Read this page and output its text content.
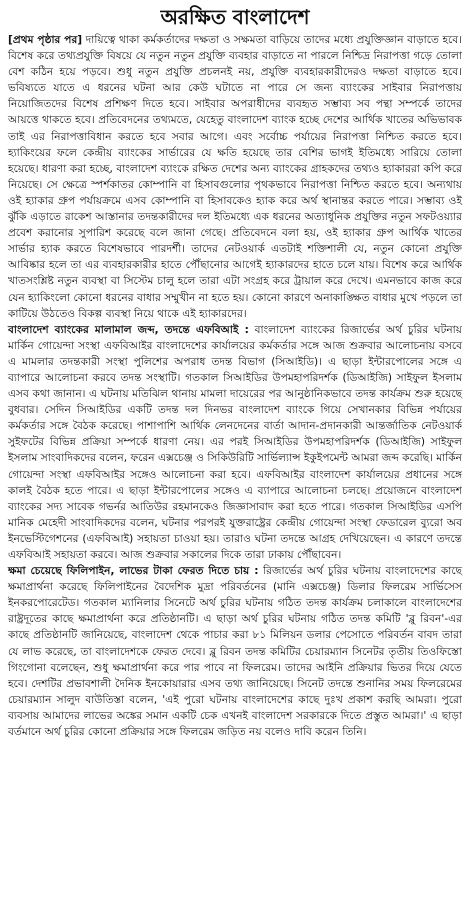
অরক্ষিত বাংলাদেশ

[প্রথম পৃষ্ঠার পর] দায়িত্বে থাকা কর্মকর্তাদের দক্ষতা ও সক্ষমতা বাড়িয়ে তাদের মধ্যে প্রযুক্তিজ্ঞান বাড়াতে হবে। বিশেষ করে তথ্যপ্রযুক্তি বিষয়ে যে নতুন নতুন প্রযুক্তি ব্যবহার বাড়াতে না পারলে নিশ্চিদ্র নিরাপত্তা গড়ে তোলা বেশ কঠিন হয়ে পড়বে। শুধু নতুন প্রযুক্তি প্রচলনই নয়, প্রযুক্তি ব্যবহারকারীদেরও দক্ষতা বাড়াতে হবে। ভবিষ্যতে যাতে এ ধরনের ঘটনা আর কেউ ঘটাতে না পারে সে জন্য ব্যাংকের সাইবার নিরাপত্তায় নিয়োজিতদের বিশেষ প্রশিক্ষণ দিতে হবে। সাইবার অপরাধীদের ব্যবহৃত সম্ভাব্য সব পন্থা সম্পর্কে তাদের আয়ত্তে থাকতে হবে। প্রতিবেদনের তথ্যমতে, যেহেতু বাংলাদেশ ব্যাংক হচ্ছে দেশের আর্থিক খাতের অভিভাবক তাই এর নিরাপত্তাবিধান করতে হবে সবার আগে। এবং সর্বোচ্চ পর্যায়ের নিরাপত্তা নিশ্চিত করতে হবে। হ্যাকিংয়ের ফলে কেন্দ্রীয় ব্যাংকের সার্ভারের যে ক্ষতি হয়েছে তার বেশির ভাগই ইতিমধ্যে সারিয়ে তোলা হয়েছে। ধারণা করা হচ্ছে, বাংলাদেশ ব্যাংকে রক্ষিত দেশের অন্য ব্যাংকের গ্রাহকদের তথ্যও হ্যাকাররা কপি করে নিয়েছে। সে ক্ষেত্রে স্পর্শকাতর কোম্পানি বা হিসাবগুলোর পৃথকভাবে নিরাপত্তা নিশ্চিত করতে হবে। অন্যথায় ওই হ্যাকার গ্রুপ পর্যায়ক্রমে এসব কোম্পানি বা হিসাবকেও হ্যাক করে অর্থ স্থানান্তর করতে পারে। সম্ভাব্য ওই ঝুঁকি এড়াতে রাকেশ আস্তানার তদন্তকারীদের দল ইতিমধ্যে এক ধরনের অত্যাধুনিক প্রযুক্তির নতুন সফটওয়্যার প্রবেশ করানোর সুপারিশ করেছে বলে জানা গেছে। প্রতিবেদনে বলা হয়, ওই হ্যাকার গ্রুপ আর্থিক খাতের সার্ভার হ্যাক করতে বিশেষভাবে পারদর্শী। তাদের নেটওয়ার্ক এতটাই শক্তিশালী যে, নতুন কোনো প্রযুক্তি আবিষ্কার হলে তা এর ব্যবহারকারীর হাতে পৌঁছানোর আগেই হ্যাকারদের হাতে চলে যায়। বিশেষ করে আর্থিক খাতসংশ্লিষ্ট নতুন ব্যবস্থা বা সিস্টেম চালু হলে তারা এটা সংগ্রহ করে ট্রায়াল করে দেখে। এমনভাবে কাজ করে যেন হ্যাকিংলো কোনো ধরনের বাধার সম্মুখীন না হতে হয়। কোনো কারণে অনাকাঙ্ক্ষিত বাধার মুখে পড়লে তা কাটিয়ে উঠতেও বিকল্প ব্যবস্থা নিয়ে থাকে এই হ্যাকারদের।

বাংলাদেশ ব্যাংকের মালামাল জব্দ, তদন্তে এফবিআই : বাংলাদেশ ব্যাংকের রিজার্ভের অর্থ চুরির ঘটনায় মার্কিন গোয়েন্দা সংস্থা এফবিআইর বাংলাদেশের কার্যালয়ের কর্মকর্তার সঙ্গে আজ শুক্রবার আলোচনায় বসবে এ মামলার তদন্তকারী সংস্থা পুলিশের অপরাধ তদন্ত বিভাগ (সিআইডি)। এ ছাড়া ইন্টারপোলের সঙ্গে এ ব্যাপারে আলোচনা করবে তদন্ত সংস্থাটি। গতকাল সিআইডির উপমহাপরিদর্শক (ডিআইজি) সাইফুল ইসলাম এসব কথা জানান। এ ঘটনায় মতিঝিল থানায় মামলা দায়েরের পর আনুষ্ঠানিকভাবে তদন্ত কার্যক্রম শুরু হয়েছে বুধবার। সেদিন সিআইডির একটি তদন্ত দল দিনভর বাংলাদেশ ব্যাংকে গিয়ে সেখানকার বিভিন্ন পর্যায়ের কর্মকর্তার সঙ্গে বৈঠক করেছে। পাশাপাশি আর্থিক লেনদেনের বার্তা আদান-প্রদানকারী আন্তর্জাতিক নেটওয়ার্ক সুইফটের বিভিন্ন প্রক্রিয়া সম্পর্কে ধারণা নেয়। এর পরই সিআইডির উপমহাপরিদর্শক (ডিআইজি) সাইফুল ইসলাম সাংবাদিকদের বলেন, ফরেন এক্সচেঞ্জ ও সিকিউরিটি সার্ভিল্যান্স ইকুইপমেন্ট আমরা জব্দ করেছি। মার্কিন গোয়েন্দা সংস্থা এফবিআইর সঙ্গেও আলোচনা করা হবে। এফবিআইর বাংলাদেশ কার্যালয়ের প্রধানের সঙ্গে কালই বৈঠক হতে পারে। এ ছাড়া ইন্টারপোলের সঙ্গেও এ ব্যাপারে আলোচনা চলছে। প্রয়োজনে বাংলাদেশ ব্যাংকের সদ্য সাবেক গভর্নর আতিউর রহমানকেও জিজ্ঞাসাবাদ করা হতে পারে। গতকাল সিআইডির এসপি মানিক মেহেদী সাংবাদিকদের বলেন, ঘটনার পরপরই যুক্তরাষ্ট্রের কেন্দ্রীয় গোয়েন্দা সংস্থা ফেডারেল ব্যুরো অব ইনভেস্টিগেশনের (এফবিআই) সহায়তা চাওয়া হয়। তারাও ঘটনা তদন্তে আগ্রহ দেখিয়েছেন। এ কারণে তদন্তে এফবিআই সহায়তা করবে। আজ শুক্রবার সকালের দিকে তারা ঢাকায় পৌঁছাবেন।

ক্ষমা চেয়েছে ফিলিপাইন, লাভের টাকা ফেরত দিতে চায় : রিজার্ভের অর্থ চুরির ঘটনায় বাংলাদেশের কাছে ক্ষমাপ্রার্থনা করেছে ফিলিপাইনের বৈদেশিক মুদ্রা পরিবর্তনের (মানি এক্সচেঞ্জ) ডিলার ফিলরেম সার্ভিসেস ইনকরপোরেটেড। গতকাল ম্যানিলার সিনেটে অর্থ চুরির ঘটনায় গঠিত তদন্ত কার্যক্রম চলাকালে বাংলাদেশের রাষ্ট্রদূতের কাছে ক্ষমাপ্রার্থনা করে প্রতিষ্ঠানটি। এ ছাড়া অর্থ চুরির ঘটনায় গঠিত তদন্ত কমিটি 'ব্লু রিবন'-এর কাছে প্রতিষ্ঠানটি জানিয়েছে, বাংলাদেশ থেকে পাচার করা ৮১ মিলিয়ন ডলার পেসোতে পরিবর্তন বাবদ তারা যে লাভ করেছে, তা বাংলাদেশকে ফেরত দেবে। ব্লু রিবন তদন্ত কমিটির চেয়ারম্যান সিনেটর তৃতীয় তিওফিস্তো গিংগোনা বলেছেন, শুধু ক্ষমাপ্রার্থনা করে পার পাবে না ফিলরেম। তাদের আইনি প্রক্রিয়ার ভিতর দিয়ে যেতে হবে। দেশটির প্রভাবশালী দৈনিক ইনকোয়ারার এসব তথ্য জানিয়েছে। সিনেট তদন্তে শুনানির সময় ফিলরেমের চেয়ারম্যান সালুদ বাউতিস্তা বলেন, 'এই পুরো ঘটনায় বাংলাদেশের কাছে দুঃখ প্রকাশ করছি আমরা। পুরো ব্যবসায় আমাদের লাভের অঙ্কের সমান একটি চেক এখনই বাংলাদেশ সরকারকে দিতে প্রস্তুত আমরা।' এ ছাড়া বর্তমানে অর্থ চুরির কোনো প্রক্রিয়ার সঙ্গে ফিলরেম জড়িত নয় বলেও দাবি করেন তিনি।
